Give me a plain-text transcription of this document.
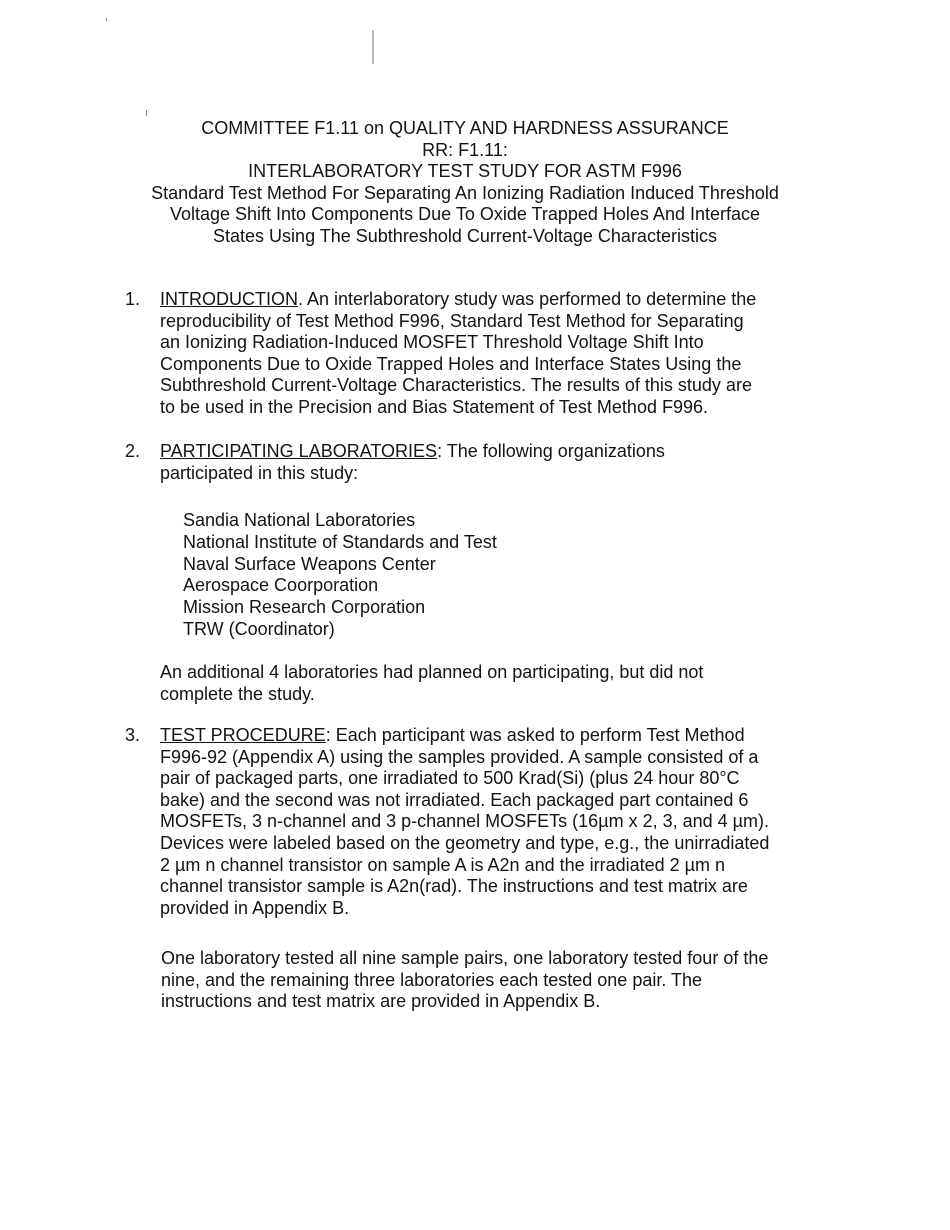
COMMITTEE F1.11 on QUALITY AND HARDNESS ASSURANCE
RR: F1.11:
INTERLABORATORY TEST STUDY FOR ASTM F996
Standard Test Method For Separating An Ionizing Radiation Induced Threshold
Voltage Shift Into Components Due To Oxide Trapped Holes And Interface
States Using The Subthreshold Current-Voltage Characteristics
1. INTRODUCTION. An interlaboratory study was performed to determine the
reproducibility of Test Method F996, Standard Test Method for Separating
an Ionizing Radiation-Induced MOSFET Threshold Voltage Shift Into
Components Due to Oxide Trapped Holes and Interface States Using the
Subthreshold Current-Voltage Characteristics. The results of this study are
to be used in the Precision and Bias Statement of Test Method F996.
2. PARTICIPATING LABORATORIES: The following organizations
participated in this study:
Sandia National Laboratories
National Institute of Standards and Test
Naval Surface Weapons Center
Aerospace Coorporation
Mission Research Corporation
TRW (Coordinator)
An additional 4 laboratories had planned on participating, but did not
complete the study.
3. TEST PROCEDURE: Each participant was asked to perform Test Method
F996-92 (Appendix A) using the samples provided. A sample consisted of a
pair of packaged parts, one irradiated to 500 Krad(Si) (plus 24 hour 80°C
bake) and the second was not irradiated. Each packaged part contained 6
MOSFETs, 3 n-channel and 3 p-channel MOSFETs (16µm x 2, 3, and 4 µm).
Devices were labeled based on the geometry and type, e.g., the unirradiated
2 µm n channel transistor on sample A is A2n and the irradiated 2 µm n
channel transistor sample is A2n(rad). The instructions and test matrix are
provided in Appendix B.
One laboratory tested all nine sample pairs, one laboratory tested four of the
nine, and the remaining three laboratories each tested one pair. The
instructions and test matrix are provided in Appendix B.
